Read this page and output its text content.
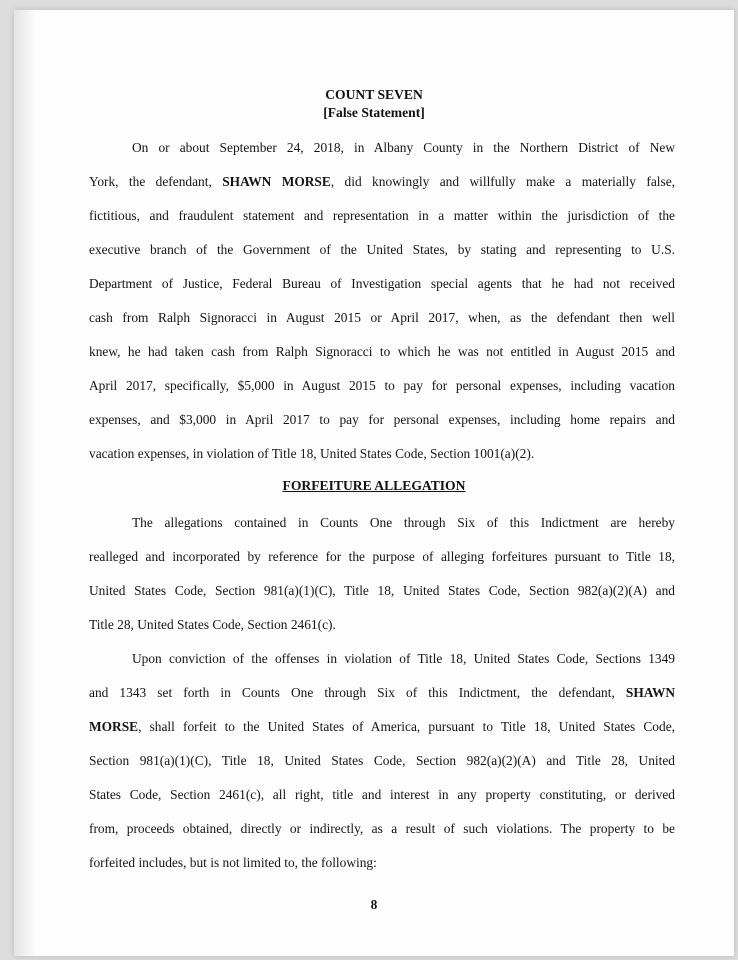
COUNT SEVEN
[False Statement]
On or about September 24, 2018, in Albany County in the Northern District of New
York, the defendant, SHAWN MORSE, did knowingly and willfully make a materially false,
fictitious, and fraudulent statement and representation in a matter within the jurisdiction of the
executive branch of the Government of the United States, by stating and representing to U.S.
Department of Justice, Federal Bureau of Investigation special agents that he had not received
cash from Ralph Signoracci in August 2015 or April 2017, when, as the defendant then well
knew, he had taken cash from Ralph Signoracci to which he was not entitled in August 2015 and
April 2017, specifically, $5,000 in August 2015 to pay for personal expenses, including vacation
expenses, and $3,000 in April 2017 to pay for personal expenses, including home repairs and
vacation expenses, in violation of Title 18, United States Code, Section 1001(a)(2).
FORFEITURE ALLEGATION
The allegations contained in Counts One through Six of this Indictment are hereby
realleged and incorporated by reference for the purpose of alleging forfeitures pursuant to Title 18,
United States Code, Section 981(a)(1)(C), Title 18, United States Code, Section 982(a)(2)(A) and
Title 28, United States Code, Section 2461(c).
Upon conviction of the offenses in violation of Title 18, United States Code, Sections 1349
and 1343 set forth in Counts One through Six of this Indictment, the defendant, SHAWN
MORSE, shall forfeit to the United States of America, pursuant to Title 18, United States Code,
Section 981(a)(1)(C), Title 18, United States Code, Section 982(a)(2)(A) and Title 28, United
States Code, Section 2461(c), all right, title and interest in any property constituting, or derived
from, proceeds obtained, directly or indirectly, as a result of such violations. The property to be
forfeited includes, but is not limited to, the following:
8
